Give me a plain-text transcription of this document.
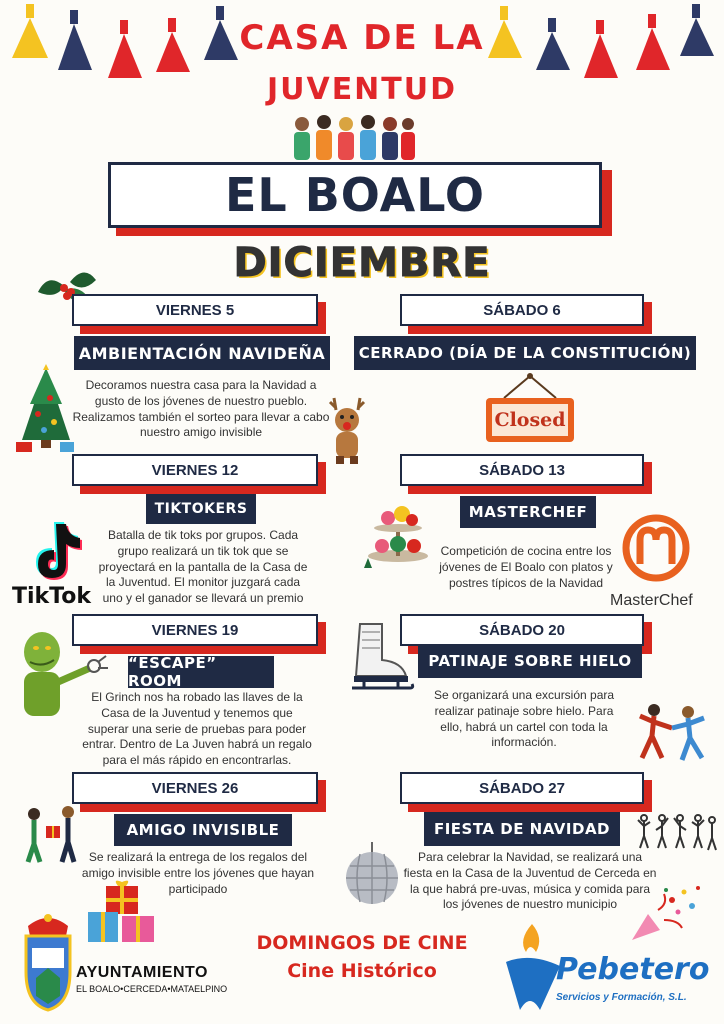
CASA DE LA
JUVENTUD
EL BOALO
DICIEMBRE
VIERNES 5
AMBIENTACIÓN NAVIDEÑA
Decoramos nuestra casa para la Navidad a gusto de los jóvenes de nuestro pueblo. Realizamos también el sorteo para llevar a cabo nuestro amigo invisible
SÁBADO 6
CERRADO (DÍA DE LA CONSTITUCIÓN)
Closed
VIERNES 12
TIKTOKERS
Batalla de tik toks por grupos. Cada grupo realizará un tik tok que se proyectará en la pantalla de la Casa de la Juventud. El monitor juzgará cada uno y el ganador se llevará un premio
TikTok
SÁBADO 13
MASTERCHEF
Competición de cocina entre los jóvenes de El Boalo con platos y postres típicos de la Navidad
MasterChef
VIERNES 19
“ESCAPE” ROOM
El Grinch nos ha robado las llaves de la Casa de la Juventud y tenemos que superar una serie de pruebas para poder entrar. Dentro de La Juven habrá un regalo para el más rápido en encontrarlas.
SÁBADO 20
PATINAJE SOBRE HIELO
Se organizará una excursión para realizar patinaje sobre hielo. Para ello, habrá un cartel con toda la información.
VIERNES 26
AMIGO INVISIBLE
Se realizará la entrega de los regalos del amigo invisible entre los jóvenes que hayan participado
SÁBADO 27
FIESTA DE NAVIDAD
Para celebrar la Navidad, se realizará una fiesta en la Casa de la Juventud de Cerceda en la que habrá pre-uvas, música y comida para los jóvenes de nuestro municipio
AYUNTAMIENTO
EL BOALO•CERCEDA•MATAELPINO
DOMINGOS DE CINE
Cine Histórico	Pebetero
Servicios y Formación, S.L.
